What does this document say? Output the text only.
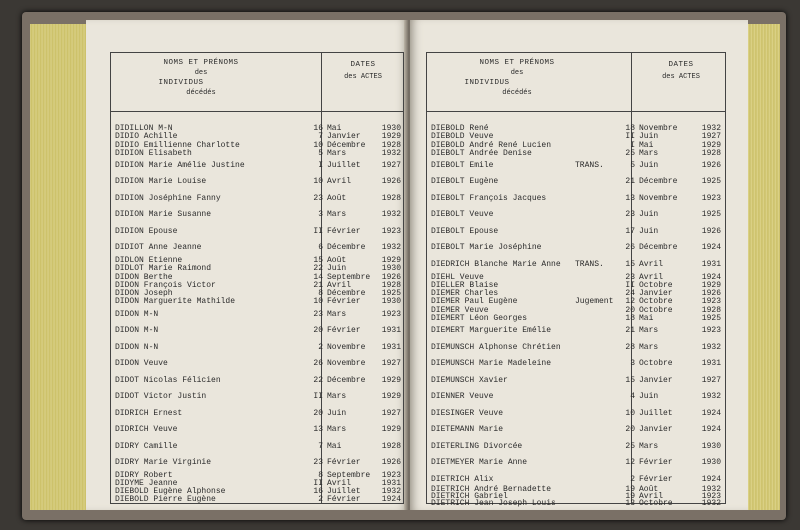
NOMS ET PRÉNOMS
des
INDIVIDUS
décédés
DATES
des ACTES
DIDILLON M-N	16 Mai	1930
DIDIO Achille	7 Janvier	1929
DIDIO Emillienne Charlotte	10 Décembre	1928
DIDION Elisabeth	5 Mars	1932
DIDION Marie Amélie Justine	I Juillet	1927
DIDION Marie Louise	10 Avril	1926
DIDION Joséphine Fanny	23 Août	1928
DIDION Marie Susanne	3 Mars	1932
DIDION Epouse	II Février	1923
DIDIOT Anne Jeanne	6 Décembre	1932
DIDLON Etienne	15 Août	1929
DIDLOT Marie Raimond	22 Juin	1930
DIDON Berthe	14 Septembre	1926
DIDON François Victor	21 Avril	1928
DIDON Joseph	8 Décembre	1925
DIDON Marguerite Mathilde	10 Février	1930
DIDON M-N	23 Mars	1923
DIDON M-N	20 Février	1931
DIDON N-N	2 Novembre	1931
DIDON Veuve	26 Novembre	1927
DIDOT Nicolas Félicien	22 Décembre	1929
DIDOT Victor Justin	II Mars	1929
DIDRICH Ernest	20 Juin	1927
DIDRICH Veuve	13 Mars	1929
DIDRY Camille	7 Mai	1928
DIDRY Marie Virginie	23 Février	1926
DIDRY Robert	8 Septembre	1923
DIDYME Jeanne	II Avril	1931
DIEBOLD Eugène Alphonse	16 Juillet	1932
DIEBOLD Pierre Eugène	2 Février	1924
NOMS ET PRÉNOMS
des
INDIVIDUS
décédés
DATES
des ACTES
DIEBOLD René	18 Novembre	1932
DIEBOLD Veuve	II Juin	1927
DIEBOLD André René Lucien	I Mai	1929
DIEBOLT Andrée Denise	25 Mars	1928
DIEBOLT Emile	TRANS.	5 Juin	1926
DIEBOLT Eugène	21 Décembre	1925
DIEBOLT François Jacques	13 Novembre	1923
DIEBOLT Veuve	23 Juin	1925
DIEBOLT Epouse	17 Juin	1926
DIEBOLT Marie Joséphine	26 Décembre	1924
DIEDRICH Blanche Marie Anne TRANS.	15 Avril	1931
DIEHL Veuve	23 Avril	1924
DIELLER Blaise	II Octobre	1929
DIEMER Charles	24 Janvier	1926
DIEMER Paul Eugène	Jugement	12 Octobre	1923
DIEMER Veuve	20 Octobre	1928
DIEMERT Léon Georges	18 Mai	1925
DIEMERT Marguerite Emélie	21 Mars	1923
DIEMUNSCH Alphonse Chrétien	28 Mars	1932
DIEMUNSCH Marie Madeleine	3 Octobre	1931
DIEMUNSCH Xavier	15 Janvier	1927
DIENNER Veuve	4 Juin	1932
DIESINGER Veuve	10 Juillet	1924
DIETEMANN Marie	20 Janvier	1924
DIETERLING Divorcée	25 Mars	1930
DIETMEYER Marie Anne	12 Février	1930
DIETRICH Alix	2 Février	1924
DIETRICH André Bernadette	19 Août	1932
DIETRICH Gabriel	19 Avril	1923
DIETRICH Jean Joseph Louis	13 Octobre	1932
